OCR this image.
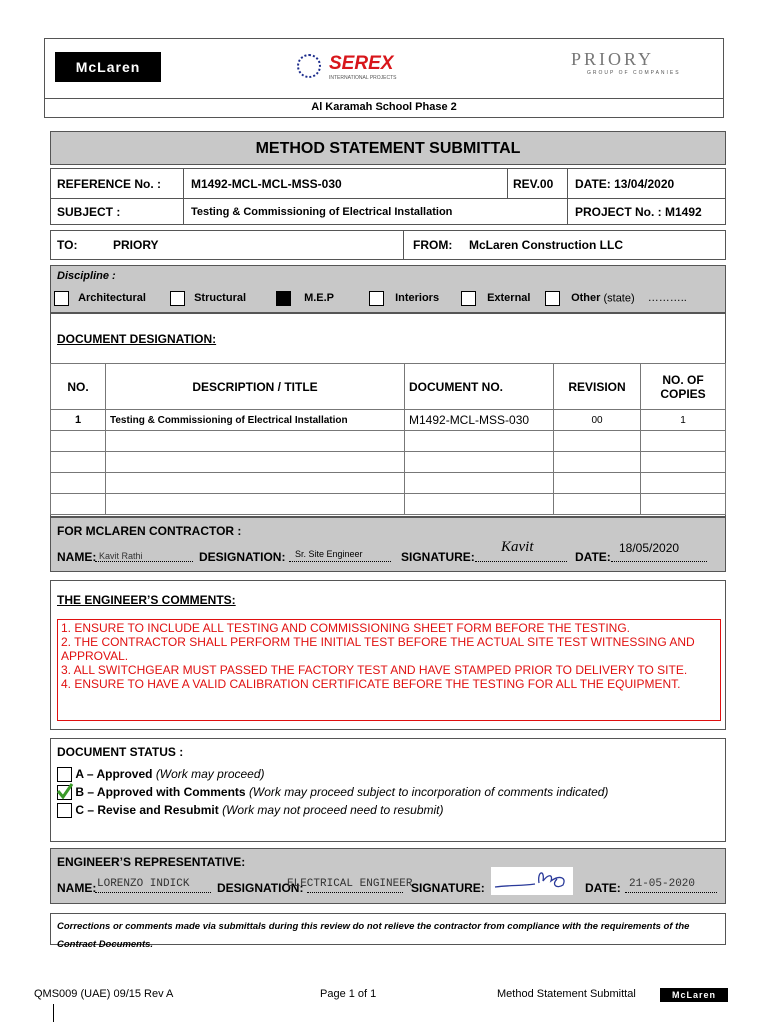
McLaren	SEREX
INTERNATIONAL PROJECTS
PRIORY
GROUP OF COMPANIES
Al Karamah School Phase 2
METHOD STATEMENT SUBMITTAL
REFERENCE No. : M1492-MCL-MCL-MSS-030	REV.00 DATE: 13/04/2020
SUBJECT :	Testing & Commissioning of Electrical Installation	PROJECT No. : M1492
TO:	PRIORY	FROM: McLaren Construction LLC
Discipline :
Architectural	Structural	M.E.P	Interiors	External	Other (state) ………..
DOCUMENT DESIGNATION:
NO.	DESCRIPTION / TITLE	DOCUMENT NO.	REVISION	NO. OF COPIES
1	Testing & Commissioning of Electrical Installation	M1492-MCL-MSS-030	00	1

FOR MCLAREN CONTRACTOR :
NAME: Kavit Rathi	DESIGNATION:	$^{Sr. Site Engineer}$	SIGNATURE:
Kavit
DATE:
$^{18/05/2020}$
THE ENGINEER’S COMMENTS:
1. ENSURE TO INCLUDE ALL TESTING AND COMMISSIONING SHEET FORM BEFORE THE TESTING.
2. THE CONTRACTOR SHALL PERFORM THE INITIAL TEST BEFORE THE ACTUAL SITE TEST WITNESSING AND APPROVAL.
3. ALL SWITCHGEAR MUST PASSED THE FACTORY TEST AND HAVE STAMPED PRIOR TO DELIVERY TO SITE.
4. ENSURE TO HAVE A VALID CALIBRATION CERTIFICATE BEFORE THE TESTING FOR ALL THE EQUIPMENT.
DOCUMENT STATUS :
A – Approved (Work may proceed)
B – Approved with Comments (Work may proceed subject to incorporation of comments indicated)
C – Revise and Resubmit (Work may not proceed need to resubmit)
ENGINEER’S REPRESENTATIVE:
NAME: $^{LORENZO INDICK}$	DESIGNATION:
$^{ELECTRICAL ENGINEER}$
SIGNATURE:	DATE: $^{21-05-2020}$
Corrections or comments made via submittals during this review do not relieve the contractor from compliance with the requirements of the Contract Documents.
QMS009 (UAE) 09/15 Rev A	Page 1 of 1	Method Statement Submittal	McLaren
